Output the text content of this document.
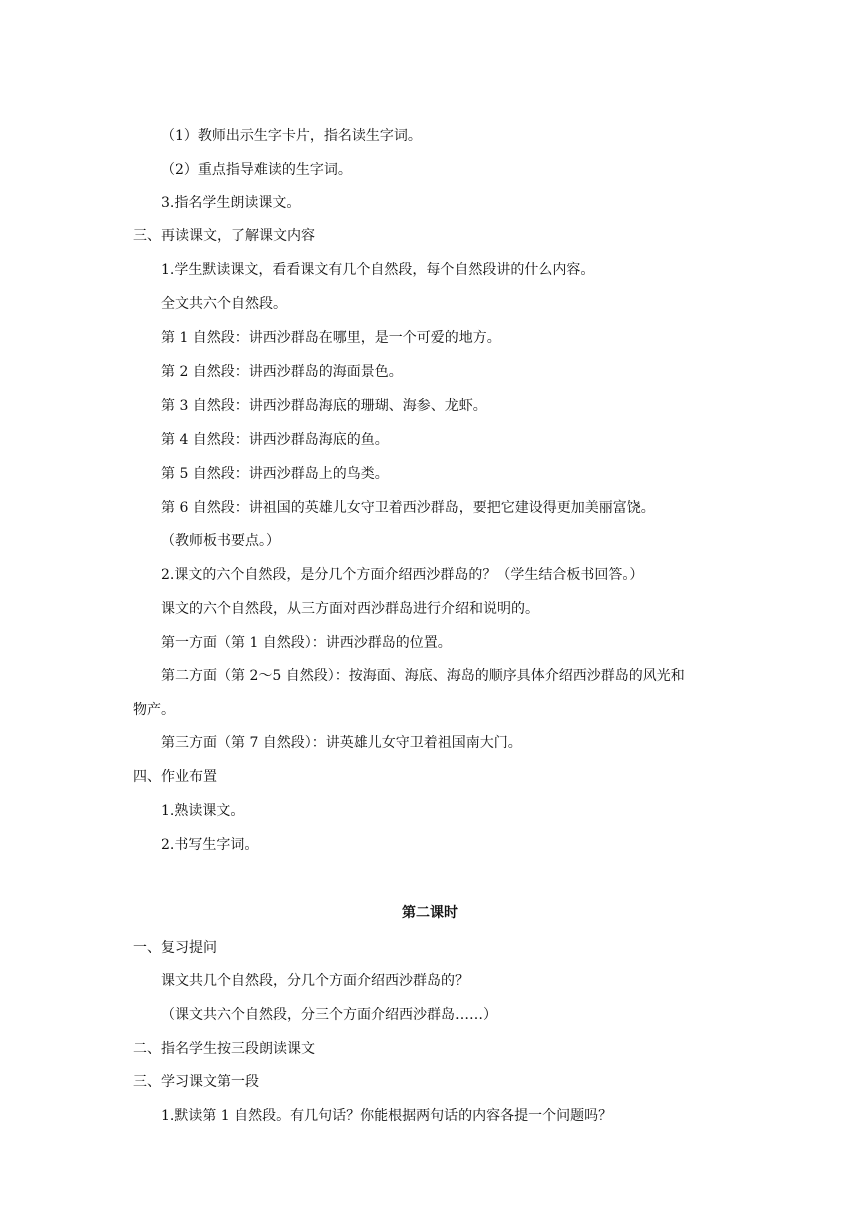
（1）教师出示生字卡片，指名读生字词。

（2）重点指导难读的生字词。

3.指名学生朗读课文。

三、再读课文，了解课文内容

1.学生默读课文，看看课文有几个自然段，每个自然段讲的什么内容。

全文共六个自然段。

第 1 自然段：讲西沙群岛在哪里，是一个可爱的地方。

第 2 自然段：讲西沙群岛的海面景色。

第 3 自然段：讲西沙群岛海底的珊瑚、海参、龙虾。

第 4 自然段：讲西沙群岛海底的鱼。

第 5 自然段：讲西沙群岛上的鸟类。

第 6 自然段：讲祖国的英雄儿女守卫着西沙群岛，要把它建设得更加美丽富饶。

（教师板书要点。）

2.课文的六个自然段，是分几个方面介绍西沙群岛的？（学生结合板书回答。）

课文的六个自然段，从三方面对西沙群岛进行介绍和说明的。

第一方面（第 1 自然段）：讲西沙群岛的位置。

第二方面（第 2～5 自然段）：按海面、海底、海岛的顺序具体介绍西沙群岛的风光和

物产。

第三方面（第 7 自然段）：讲英雄儿女守卫着祖国南大门。

四、作业布置

1.熟读课文。

2.书写生字词。

第二课时

一、复习提问

课文共几个自然段，分几个方面介绍西沙群岛的？

（课文共六个自然段，分三个方面介绍西沙群岛……）

二、指名学生按三段朗读课文

三、学习课文第一段

1.默读第 1 自然段。有几句话？你能根据两句话的内容各提一个问题吗？
